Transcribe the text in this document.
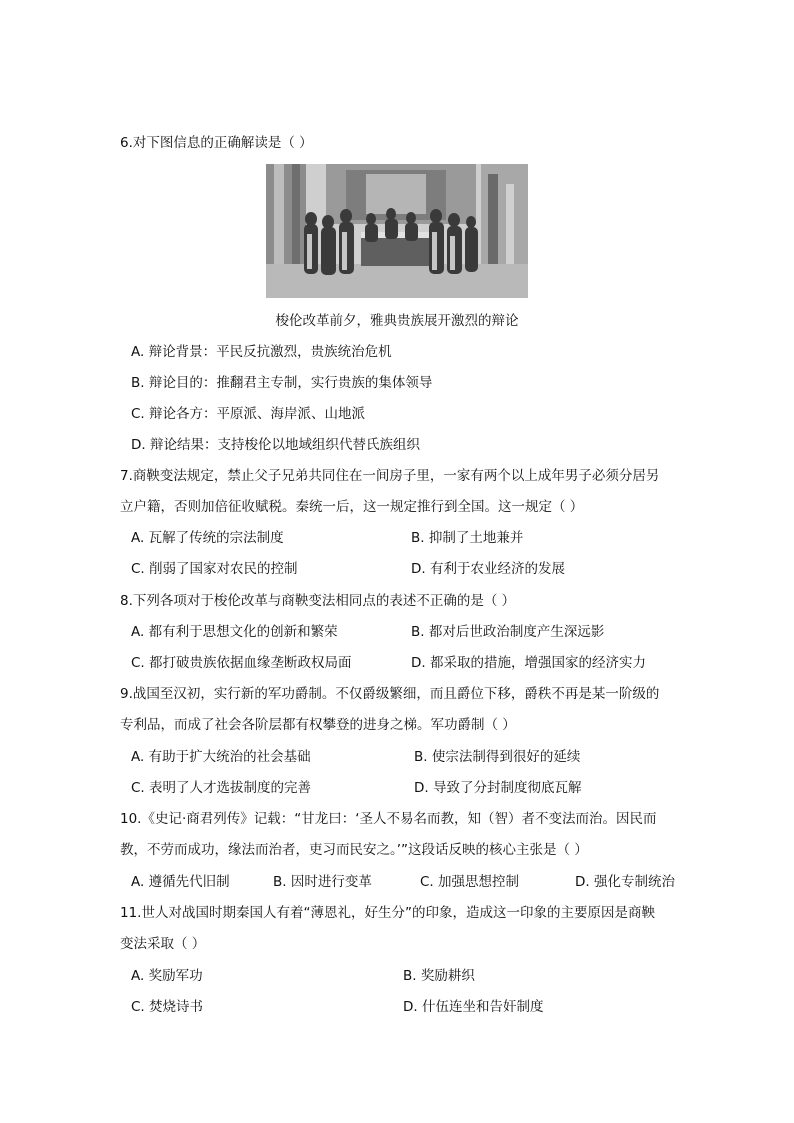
6.对下图信息的正确解读是（ ）
梭伦改革前夕，雅典贵族展开激烈的辩论
A. 辩论背景：平民反抗激烈，贵族统治危机
B. 辩论目的：推翻君主专制，实行贵族的集体领导
C. 辩论各方：平原派、海岸派、山地派
D. 辩论结果：支持梭伦以地域组织代替氏族组织
7.商鞅变法规定，禁止父子兄弟共同住在一间房子里，一家有两个以上成年男子必须分居另
立户籍，否则加倍征收赋税。秦统一后，这一规定推行到全国。这一规定（ ）
A. 瓦解了传统的宗法制度	B. 抑制了土地兼并
C. 削弱了国家对农民的控制	D. 有利于农业经济的发展
8.下列各项对于梭伦改革与商鞅变法相同点的表述不正确的是（ ）
A. 都有利于思想文化的创新和繁荣	B. 都对后世政治制度产生深远影
C. 都打破贵族依据血缘垄断政权局面	D. 都采取的措施，增强国家的经济实力
9.战国至汉初，实行新的军功爵制。不仅爵级繁细，而且爵位下移，爵秩不再是某一阶级的
专利品，而成了社会各阶层都有权攀登的进身之梯。军功爵制（ ）
A. 有助于扩大统治的社会基础	B. 使宗法制得到很好的延续
C. 表明了人才选拔制度的完善	D. 导致了分封制度彻底瓦解
10.《史记·商君列传》记载：“甘龙曰：‘圣人不易名而教，知（智）者不变法而治。因民而
教，不劳而成功，缘法而治者，吏习而民安之。’”这段话反映的核心主张是（ ）
A. 遵循先代旧制	B. 因时进行变革	C. 加强思想控制	D. 强化专制统治
11.世人对战国时期秦国人有着“薄恩礼，好生分”的印象，造成这一印象的主要原因是商鞅
变法采取（ ）
A. 奖励军功	B. 奖励耕织
C. 焚烧诗书	D. 什伍连坐和告奸制度
